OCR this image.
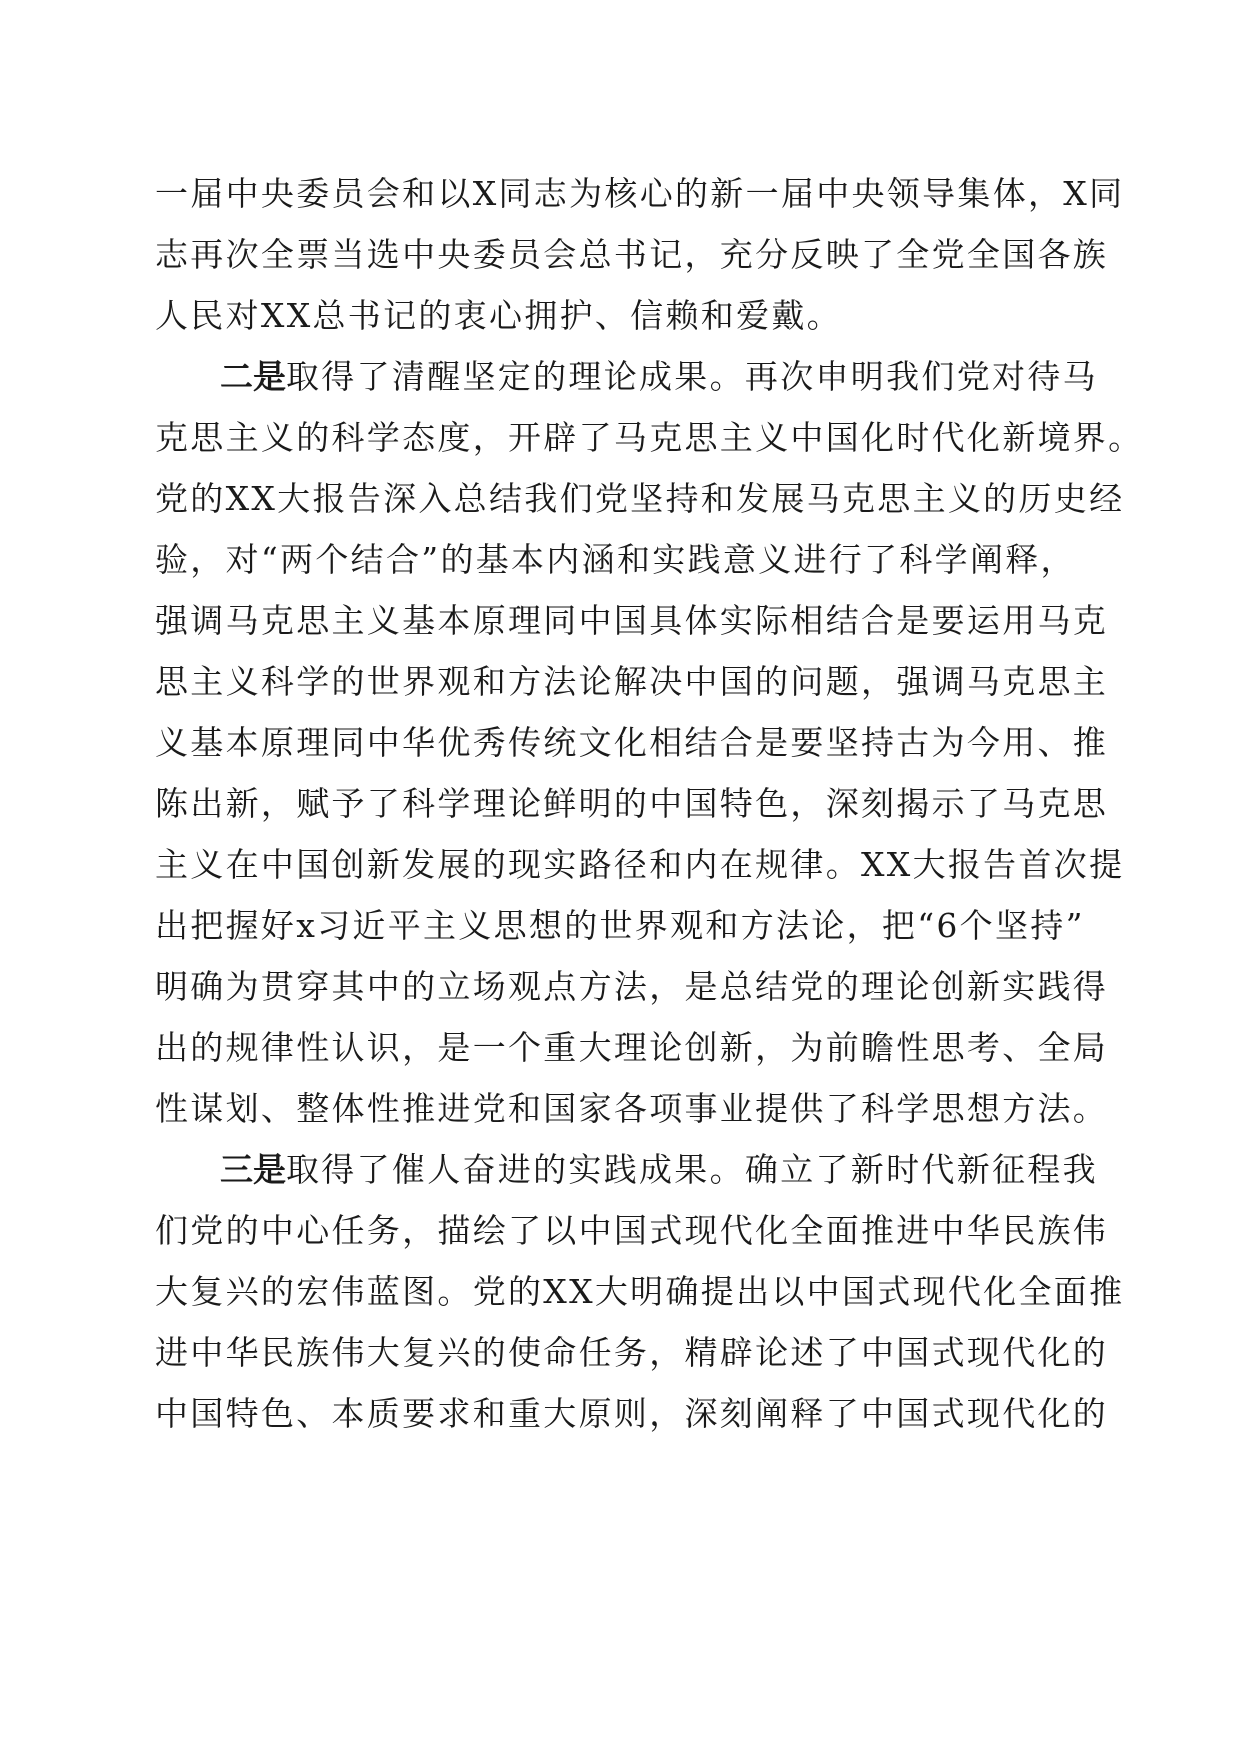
一届中央委员会和以X同志为核心的新一届中央领导集体，X同
志再次全票当选中央委员会总书记，充分反映了全党全国各族
人民对XX总书记的衷心拥护、信赖和爱戴。
二是取得了清醒坚定的理论成果。再次申明我们党对待马
克思主义的科学态度，开辟了马克思主义中国化时代化新境界。
党的XX大报告深入总结我们党坚持和发展马克思主义的历史经
验，对“两个结合”的基本内涵和实践意义进行了科学阐释，
强调马克思主义基本原理同中国具体实际相结合是要运用马克
思主义科学的世界观和方法论解决中国的问题，强调马克思主
义基本原理同中华优秀传统文化相结合是要坚持古为今用、推
陈出新，赋予了科学理论鲜明的中国特色，深刻揭示了马克思
主义在中国创新发展的现实路径和内在规律。XX大报告首次提
出把握好x习近平主义思想的世界观和方法论，把“6个坚持”
明确为贯穿其中的立场观点方法，是总结党的理论创新实践得
出的规律性认识，是一个重大理论创新，为前瞻性思考、全局
性谋划、整体性推进党和国家各项事业提供了科学思想方法。
三是取得了催人奋进的实践成果。确立了新时代新征程我
们党的中心任务，描绘了以中国式现代化全面推进中华民族伟
大复兴的宏伟蓝图。党的XX大明确提出以中国式现代化全面推
进中华民族伟大复兴的使命任务，精辟论述了中国式现代化的
中国特色、本质要求和重大原则，深刻阐释了中国式现代化的
